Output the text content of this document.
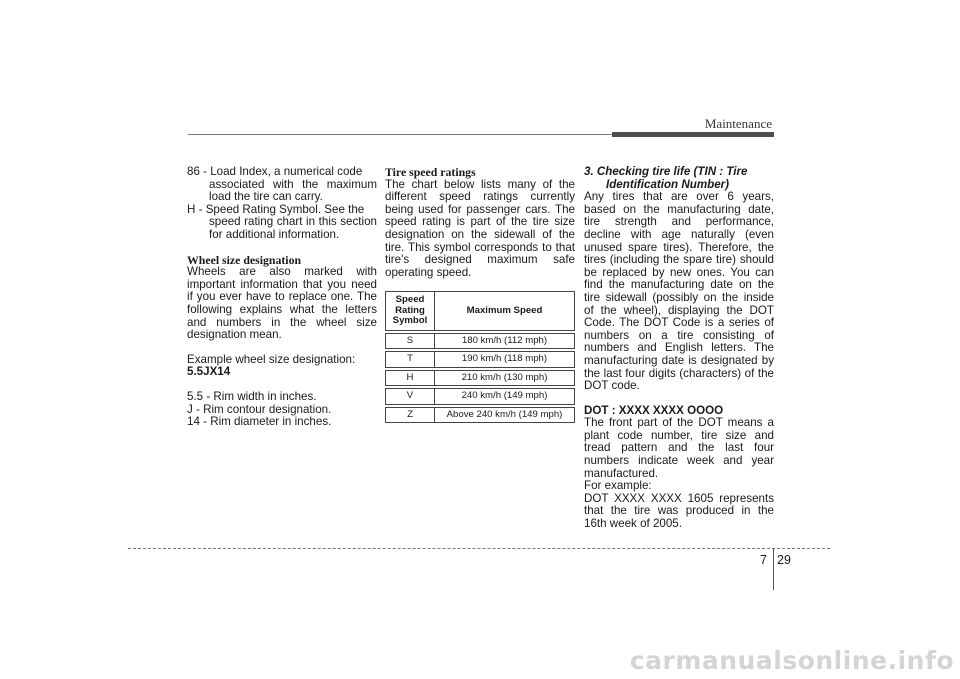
Maintenance
86 - Load Index, a numerical code

associated with the maximum load the tire can carry.

H - Speed Rating Symbol. See the

speed rating chart in this section for additional information.

Wheel size designation

Wheels are also marked with important information that you need if you ever have to replace one. The following explains what the letters and numbers in the wheel size designation mean.

Example wheel size designation:

5.5JX14

5.5 - Rim width in inches.

J - Rim contour designation.

14 - Rim diameter in inches.

Tire speed ratings

The chart below lists many of the different speed ratings currently being used for passenger cars. The speed rating is part of the tire size designation on the sidewall of the tire. This symbol corresponds to that tire's designed maximum safe operating speed.

Speed
Rating
Symbol	Maximum Speed
S	180 km/h (112 mph)
T	190 km/h (118 mph)
H	210 km/h (130 mph)
V	240 km/h (149 mph)
Z	Above 240 km/h (149 mph)

3. Checking tire life (TIN : Tire

Identification Number)

Any tires that are over 6 years, based on the manufacturing date, tire strength and performance, decline with age naturally (even unused spare tires). Therefore, the tires (including the spare tire) should be replaced by new ones. You can find the manufacturing date on the tire sidewall (possibly on the inside of the wheel), displaying the DOT Code. The DOT Code is a series of numbers on a tire consisting of numbers and English letters. The manufacturing date is designated by the last four digits (characters) of the DOT code.

DOT : XXXX XXXX OOOO

The front part of the DOT means a plant code number, tire size and tread pattern and the last four numbers indicate week and year manufactured.

For example:

DOT XXXX XXXX 1605 represents that the tire was produced in the 16th week of 2005.

7 29
carmanualsonline.info
